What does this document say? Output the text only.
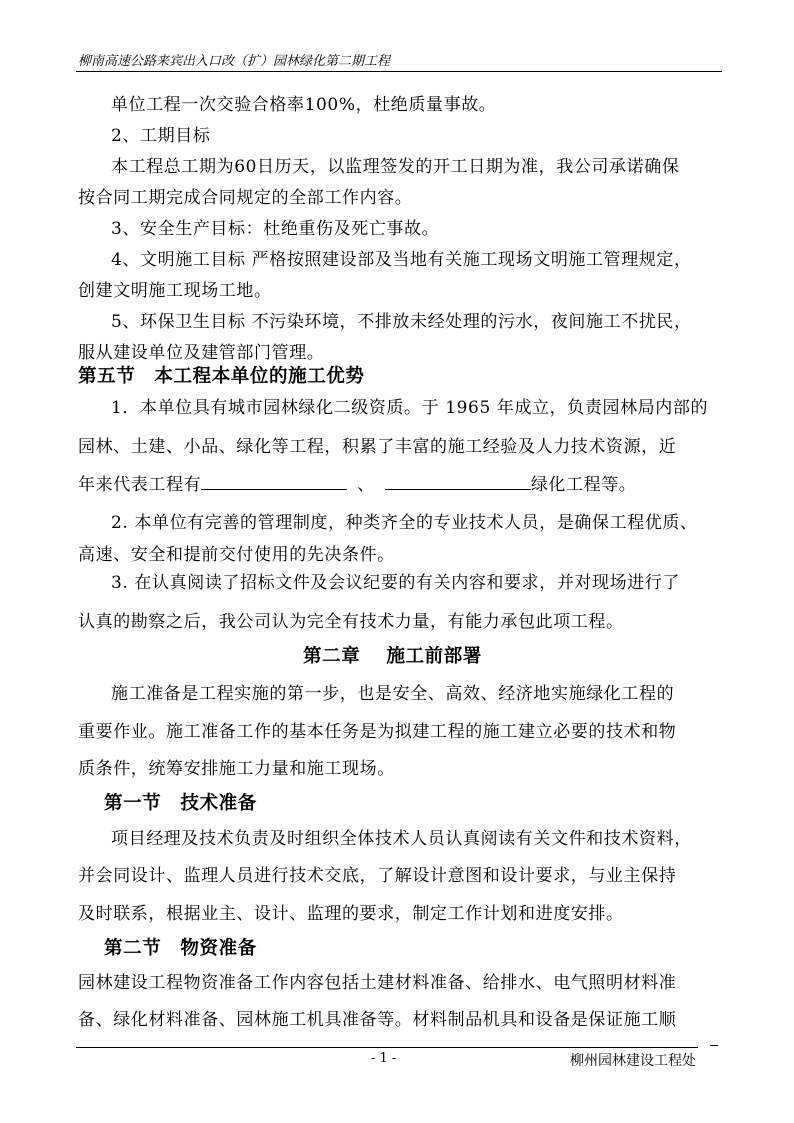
柳南高速公路来宾出入口改（扩）园林绿化第二期工程
单位工程一次交验合格率100%，杜绝质量事故。
2、工期目标
本工程总工期为60日历天，以监理签发的开工日期为准，我公司承诺确保
按合同工期完成合同规定的全部工作内容。
3、安全生产目标：杜绝重伤及死亡事故。
4、文明施工目标 严格按照建设部及当地有关施工现场文明施工管理规定，
创建文明施工现场工地。
5、环保卫生目标 不污染环境，不排放未经处理的污水，夜间施工不扰民，
服从建设单位及建管部门管理。
第五节　本工程本单位的施工优势
1．本单位具有城市园林绿化二级资质。于 1965 年成立，负责园林局内部的
园林、土建、小品、绿化等工程，积累了丰富的施工经验及人力技术资源，近
年来代表工程有	、	绿化工程等。
2. 本单位有完善的管理制度，种类齐全的专业技术人员，是确保工程优质、
高速、安全和提前交付使用的先决条件。
3. 在认真阅读了招标文件及会议纪要的有关内容和要求，并对现场进行了
认真的勘察之后，我公司认为完全有技术力量，有能力承包此项工程。
第二章　 施工前部署
施工准备是工程实施的第一步，也是安全、高效、经济地实施绿化工程的
重要作业。施工准备工作的基本任务是为拟建工程的施工建立必要的技术和物
质条件，统筹安排施工力量和施工现场。
第一节　技术准备
项目经理及技术负责及时组织全体技术人员认真阅读有关文件和技术资料，
并会同设计、监理人员进行技术交底，了解设计意图和设计要求，与业主保持
及时联系，根据业主、设计、监理的要求，制定工作计划和进度安排。
第二节　物资准备
园林建设工程物资准备工作内容包括土建材料准备、给排水、电气照明材料准
备、绿化材料准备、园林施工机具准备等。材料制品机具和设备是保证施工顺
- 1 -	柳州园林建设工程处
